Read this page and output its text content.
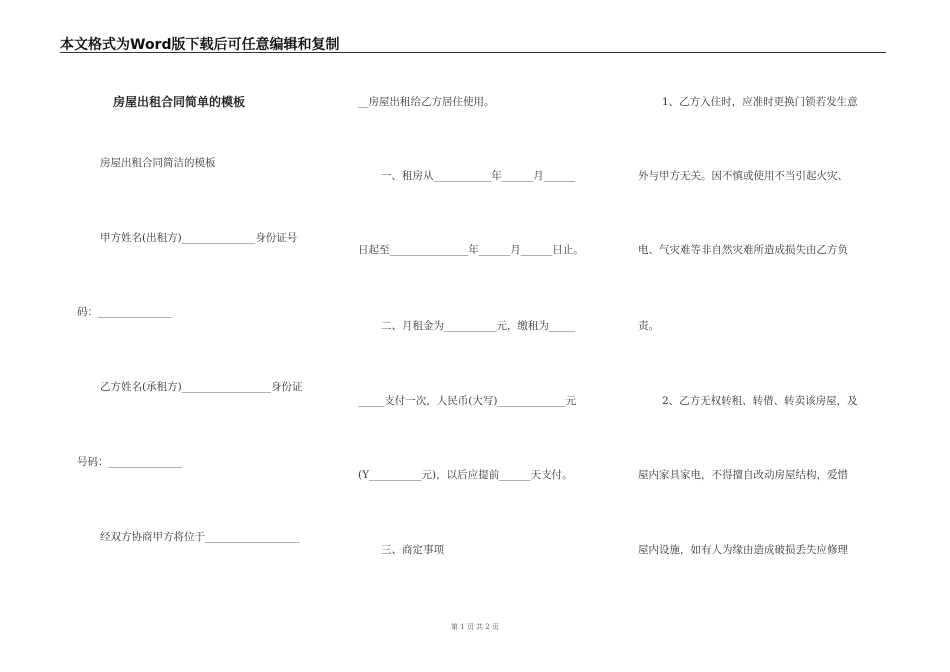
本文格式为Word版下载后可任意编辑和复制
房屋出租合同简单的模板
房屋出租合同简洁的模板
甲方姓名(出租方)______________身份证号
码：______________
乙方姓名(承租方)_________________身份证
号码：______________
经双方协商甲方将位于__________________
__房屋出租给乙方居住使用。
一、租房从___________年______月______
日起至_______________年______月______日止。
二、月租金为__________元，缴租为_____
_____支付一次，人民币(大写)_____________元
(Y__________元)，以后应提前______天支付。
三、商定事项
1、乙方入住时，应准时更换门锁若发生意
外与甲方无关。因不慎或使用不当引起火灾、
电、气灾难等非自然灾难所造成损失由乙方负
责。
2、乙方无权转租、转借、转卖该房屋，及
屋内家具家电，不得擅自改动房屋结构，爱惜
屋内设施，如有人为缘由造成破损丢失应修理
第 1 页 共 2 页
